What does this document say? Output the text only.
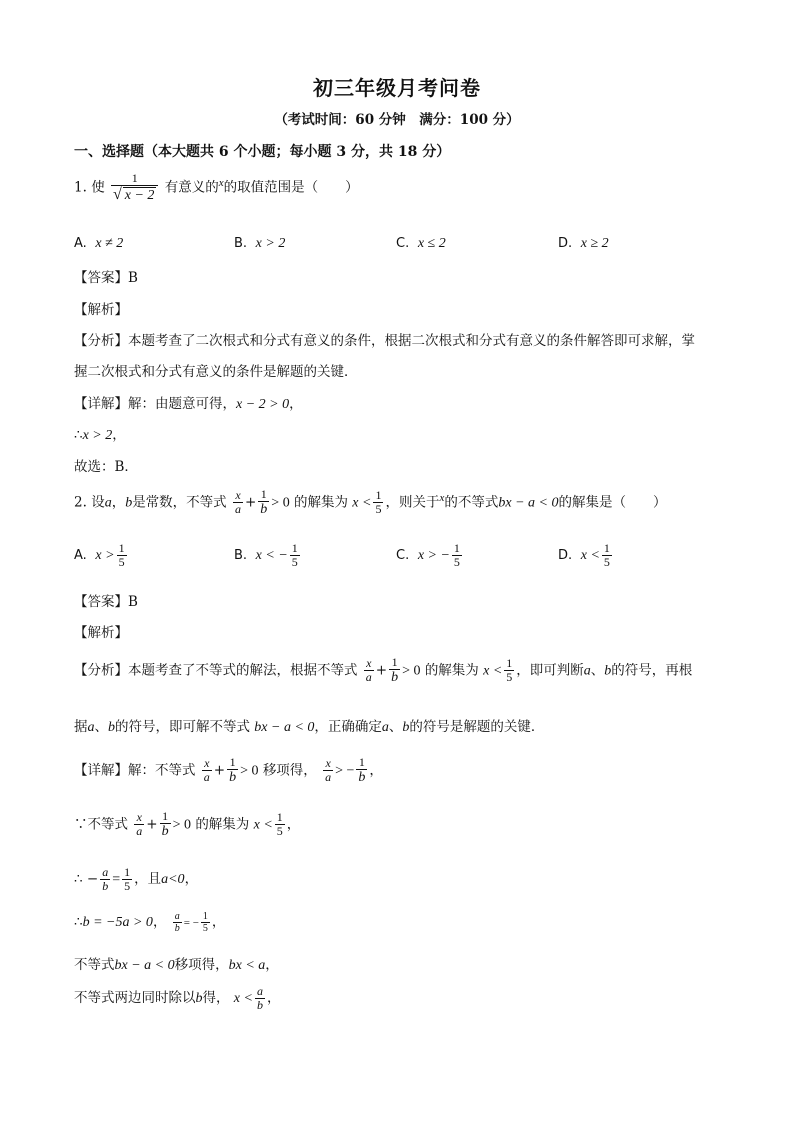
初三年级月考问卷
（考试时间：60 分钟　满分：100 分）
一、选择题（本大题共 6 个小题；每小题 3 分，共 18 分）
1. 使 $\frac{1}{√ x - 2}$ 有意义的$^x$的取值范围是（　　）
A. x ≠ 2	B. x > 2	C. x ≤ 2	D. x ≥ 2
【答案】B
【解析】
【分析】本题考查了二次根式和分式有意义的条件，根据二次根式和分式有意义的条件解答即可求解，掌
握二次根式和分式有意义的条件是解题的关键．
【详解】解：由题意可得，x − 2 > 0，
∴x > 2，
故选：B．
2. 设a，b是常数，不等式 $\frac{x}{a} + \frac{1}{b} > 0$ 的解集为 $x < \frac{1}{5}$ ，则关于$^x$的不等式bx − a < 0的解集是（　　）
A. $x > \frac{1}{5}$	B. x < − $\frac{1}{5}$	C. x > − $\frac{1}{5}$	D. $x < \frac{1}{5}$
【答案】B
【解析】
【分析】本题考查了不等式的解法，根据不等式 $\frac{x}{a} + \frac{1}{b} > 0$ 的解集为 $x < \frac{1}{5}$ ，即可判断a、b的符号，再根
据a、b的符号，即可解不等式 bx − a < 0，正确确定a、b的符号是解题的关键．
【详解】解：不等式 $\frac{x}{a} + \frac{1}{b} > 0$ 移项得， $\frac{x}{a}$ > − $\frac{1}{b}$ ，
∵不等式 $\frac{x}{a} + \frac{1}{b} > 0$ 的解集为 $x < \frac{1}{5}$ ，
∴ − $\frac{a}{b} = \frac{1}{5}$ ，且a<0，
∴b = −5a > 0， $\frac{a}{b}$ = − $\frac{1}{5}$ ，
不等式bx − a < 0移项得，bx < a，
不等式两边同时除以b得， $x < \frac{a}{b}$ ，
